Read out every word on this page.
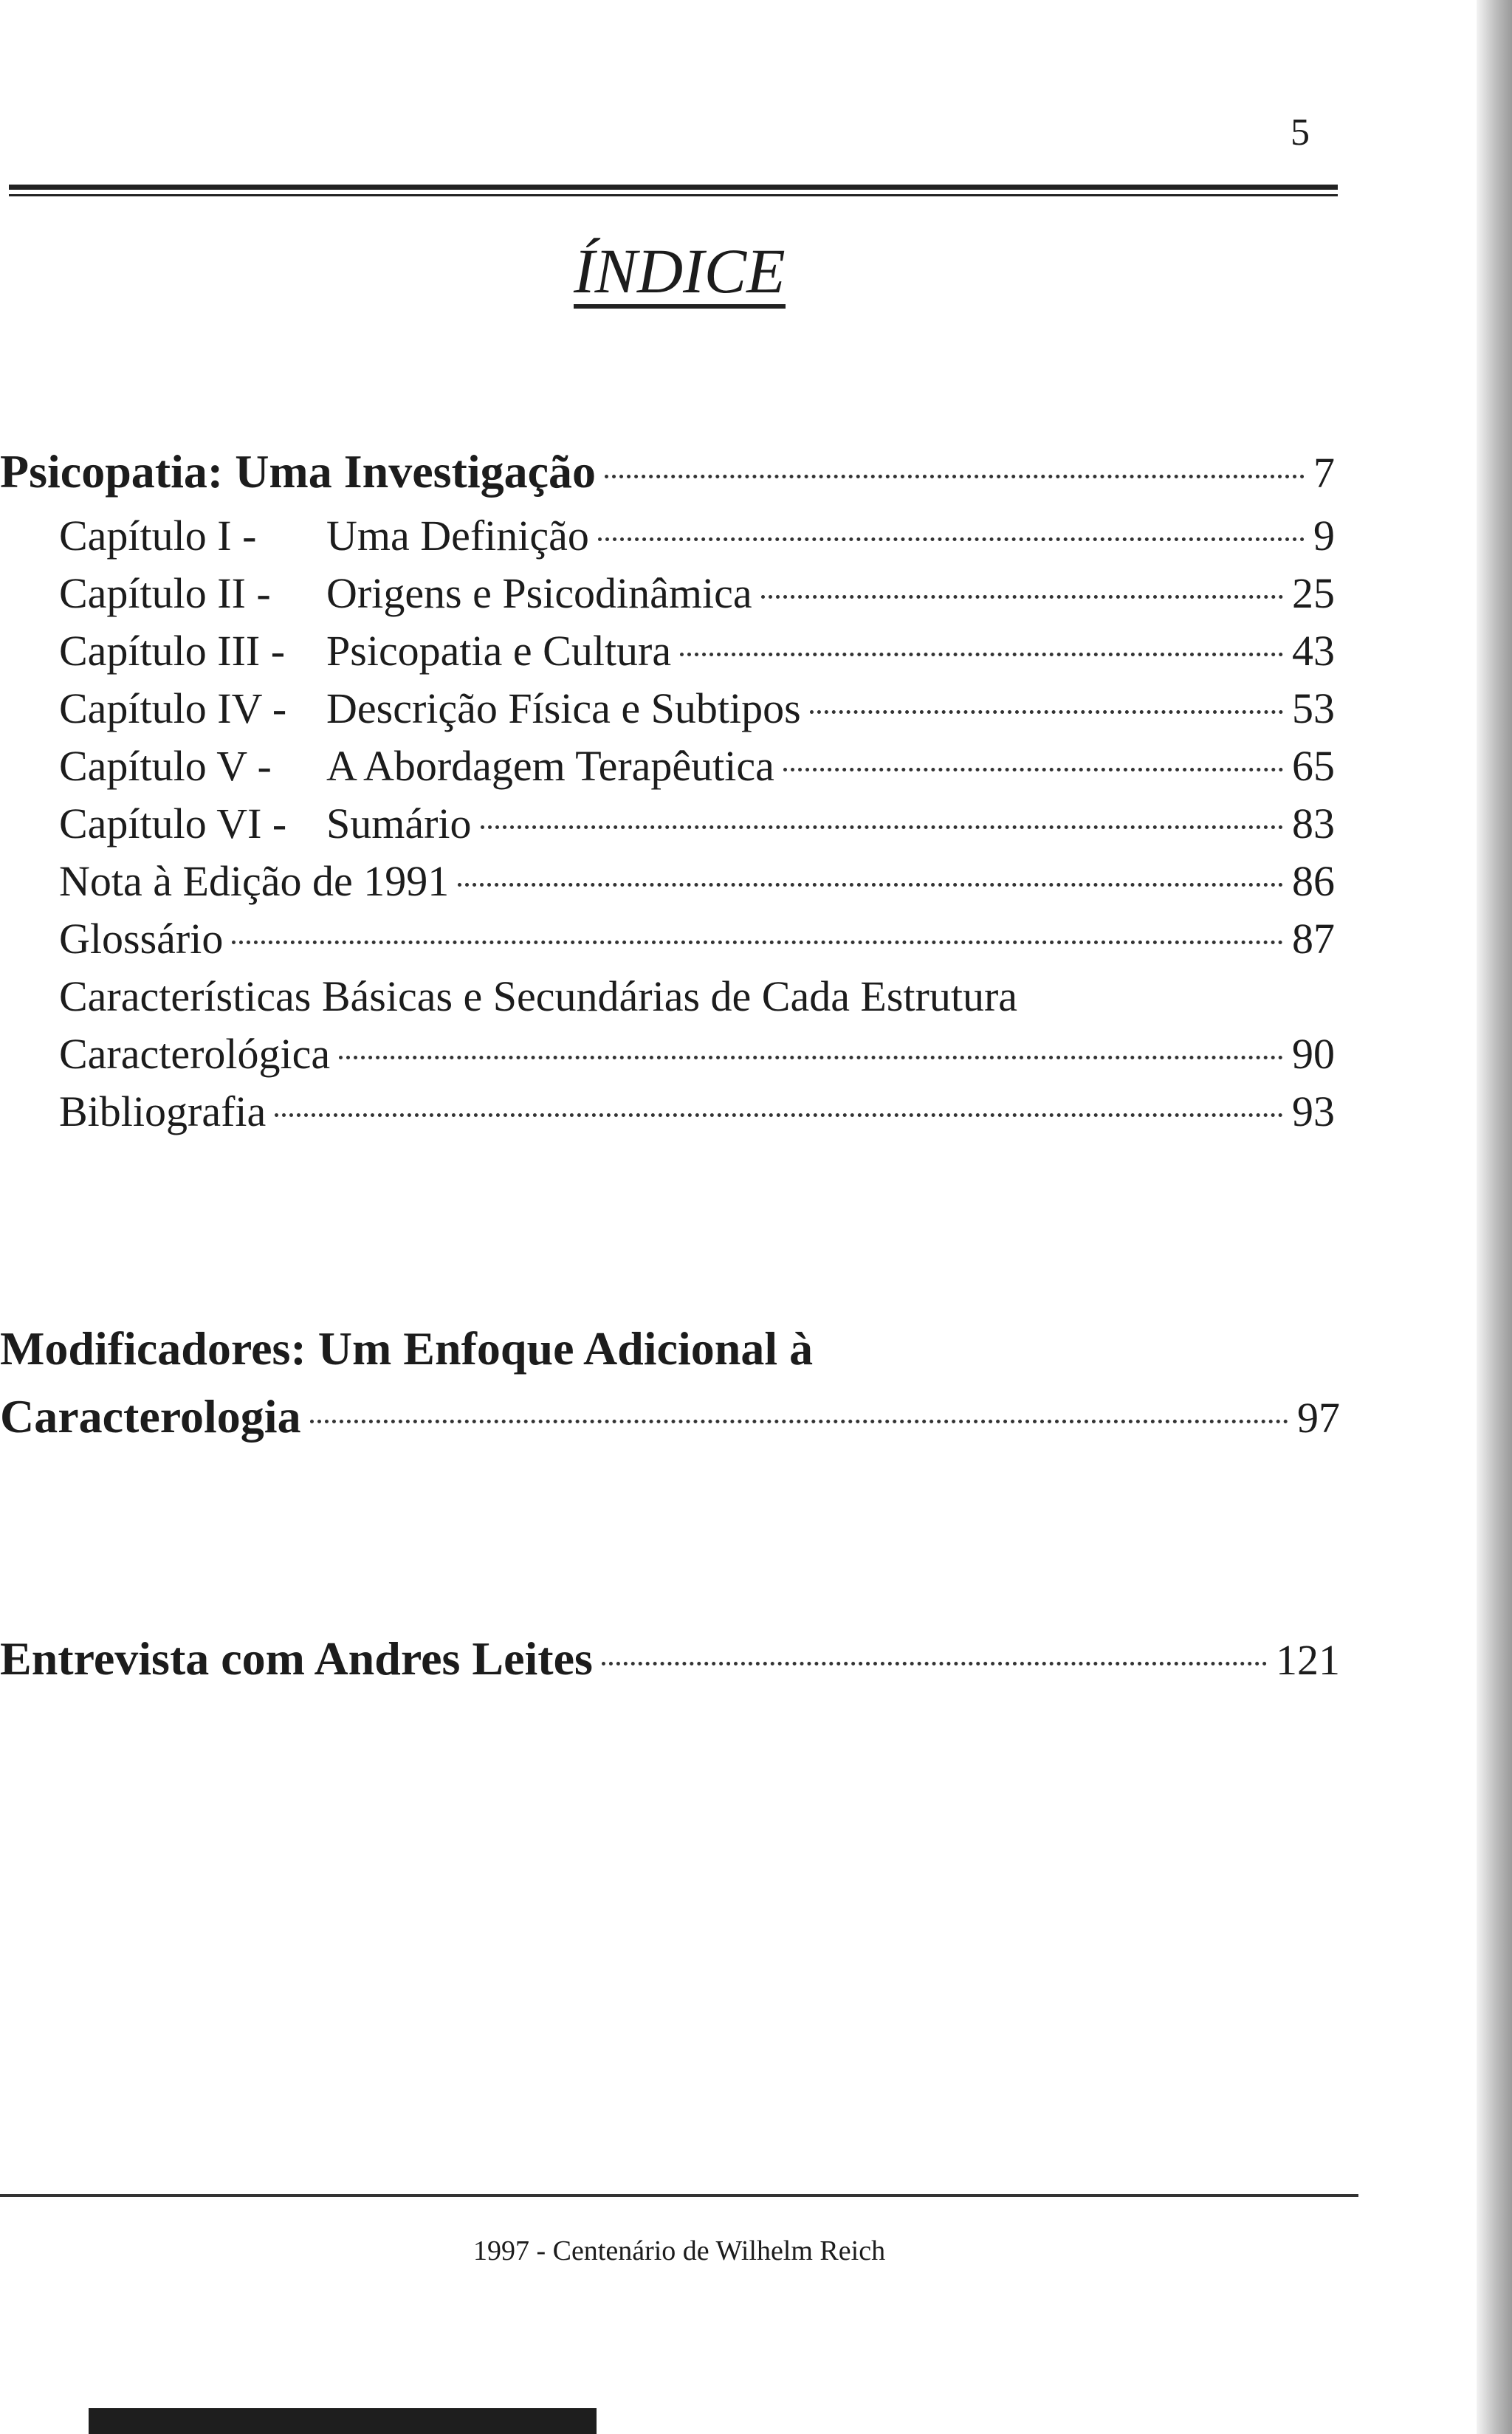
5
ÍNDICE
Psicopatia: Uma Investigação	7
Capítulo I -	Uma Definição	9
Capítulo II -	Origens e Psicodinâmica	25
Capítulo III - Psicopatia e Cultura	43
Capítulo IV - Descrição Física e Subtipos	53
Capítulo V -	A Abordagem Terapêutica	65
Capítulo VI - Sumário	83
Nota à Edição de 1991	86
Glossário	87
Características Básicas e Secundárias de Cada Estrutura
Caracterológica	90
Bibliografia	93
Modificadores: Um Enfoque Adicional à
Caracterologia	97
Entrevista com Andres Leites	121
1997 - Centenário de Wilhelm Reich
